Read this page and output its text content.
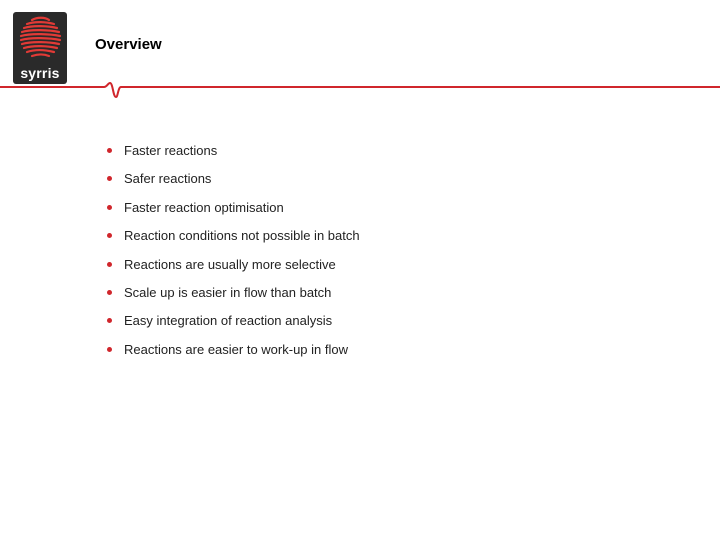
syrris
Overview
Faster reactions
Safer reactions
Faster reaction optimisation
Reaction conditions not possible in batch
Reactions are usually more selective
Scale up is easier in flow than batch
Easy integration of reaction analysis
Reactions are easier to work-up in flow
